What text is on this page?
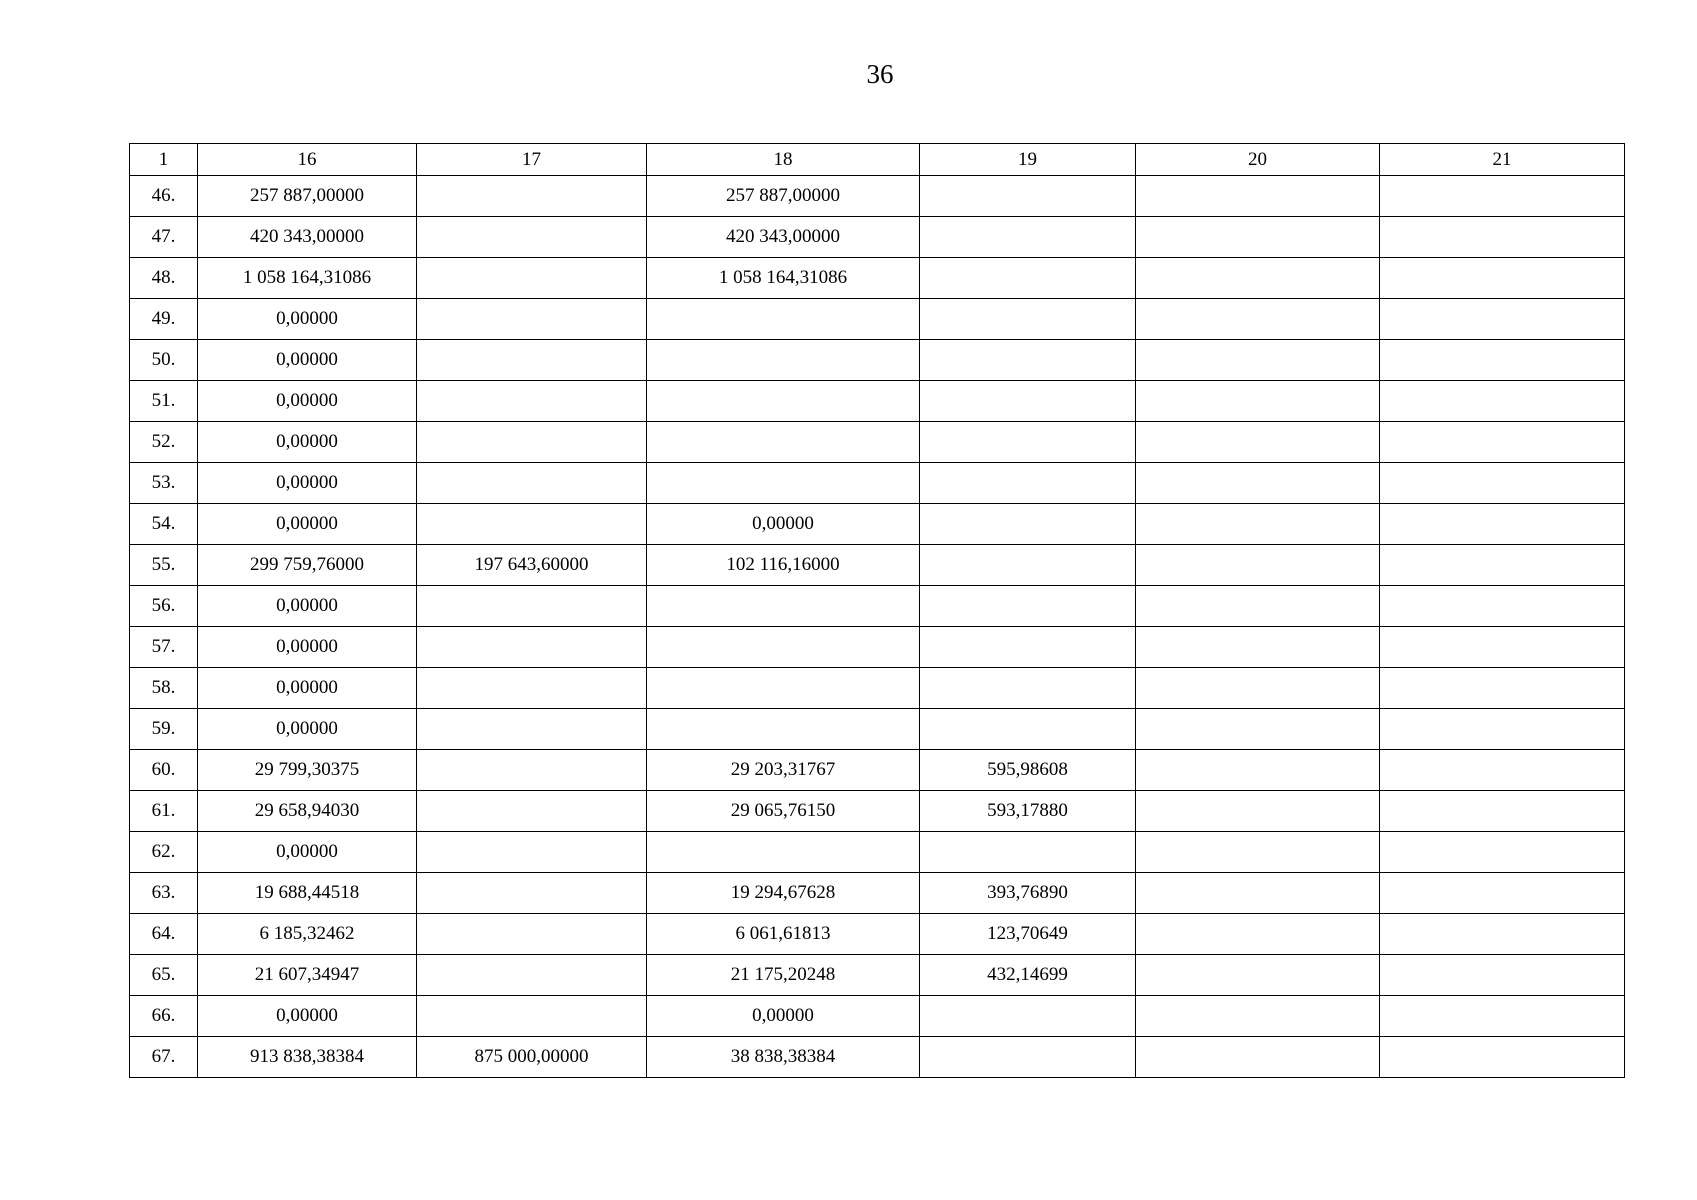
36
1	16	17	18	19	20	21
46.	257 887,00000		257 887,00000			
47.	420 343,00000		420 343,00000			
48.	1 058 164,31086		1 058 164,31086			
49.	0,00000					
50.	0,00000					
51.	0,00000					
52.	0,00000					
53.	0,00000					
54.	0,00000		0,00000			
55.	299 759,76000	197 643,60000	102 116,16000			
56.	0,00000					
57.	0,00000					
58.	0,00000					
59.	0,00000					
60.	29 799,30375		29 203,31767	595,98608		
61.	29 658,94030		29 065,76150	593,17880		
62.	0,00000					
63.	19 688,44518		19 294,67628	393,76890		
64.	6 185,32462		6 061,61813	123,70649		
65.	21 607,34947		21 175,20248	432,14699		
66.	0,00000		0,00000			
67.	913 838,38384	875 000,00000	38 838,38384			
